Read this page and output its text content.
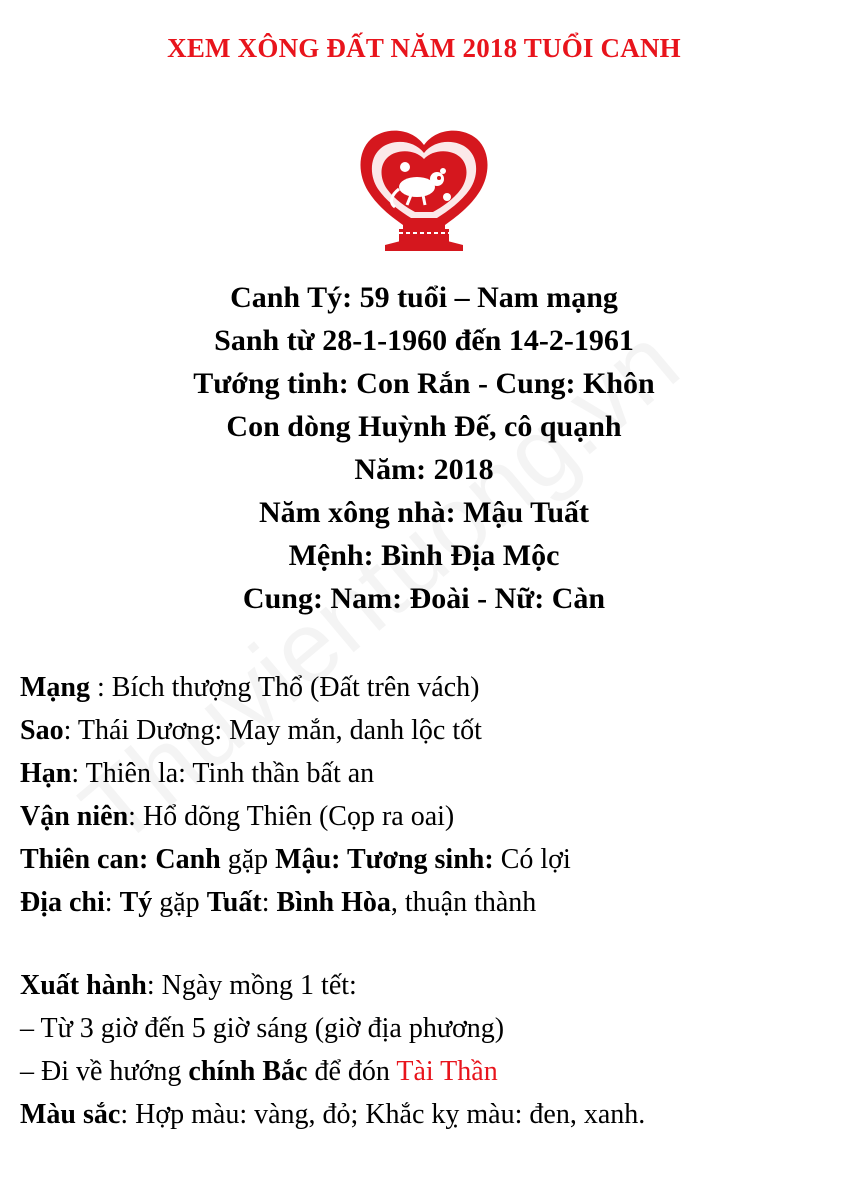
XEM XÔNG ĐẤT NĂM 2018 TUỔI CANH
Canh Tý: 59 tuổi – Nam mạng
Sanh từ 28-1-1960 đến 14-2-1961
Tướng tinh: Con Rắn - Cung: Khôn
Con dòng Huỳnh Đế, cô quạnh
Năm: 2018
Năm xông nhà: Mậu Tuất
Mệnh: Bình Địa Mộc
Cung: Nam: Đoài - Nữ: Càn
Mạng : Bích thượng Thổ (Đất trên vách)
Sao: Thái Dương: May mắn, danh lộc tốt
Hạn: Thiên la: Tinh thần bất an
Vận niên: Hổ dõng Thiên (Cọp ra oai)
Thiên can: Canh gặp Mậu: Tương sinh: Có lợi
Địa chi: Tý gặp Tuất: Bình Hòa, thuận thành
Xuất hành: Ngày mồng 1 tết:
– Từ 3 giờ đến 5 giờ sáng (giờ địa phương)
– Đi về hướng chính Bắc để đón Tài Thần
Màu sắc: Hợp màu: vàng, đỏ; Khắc kỵ màu: đen, xanh.
